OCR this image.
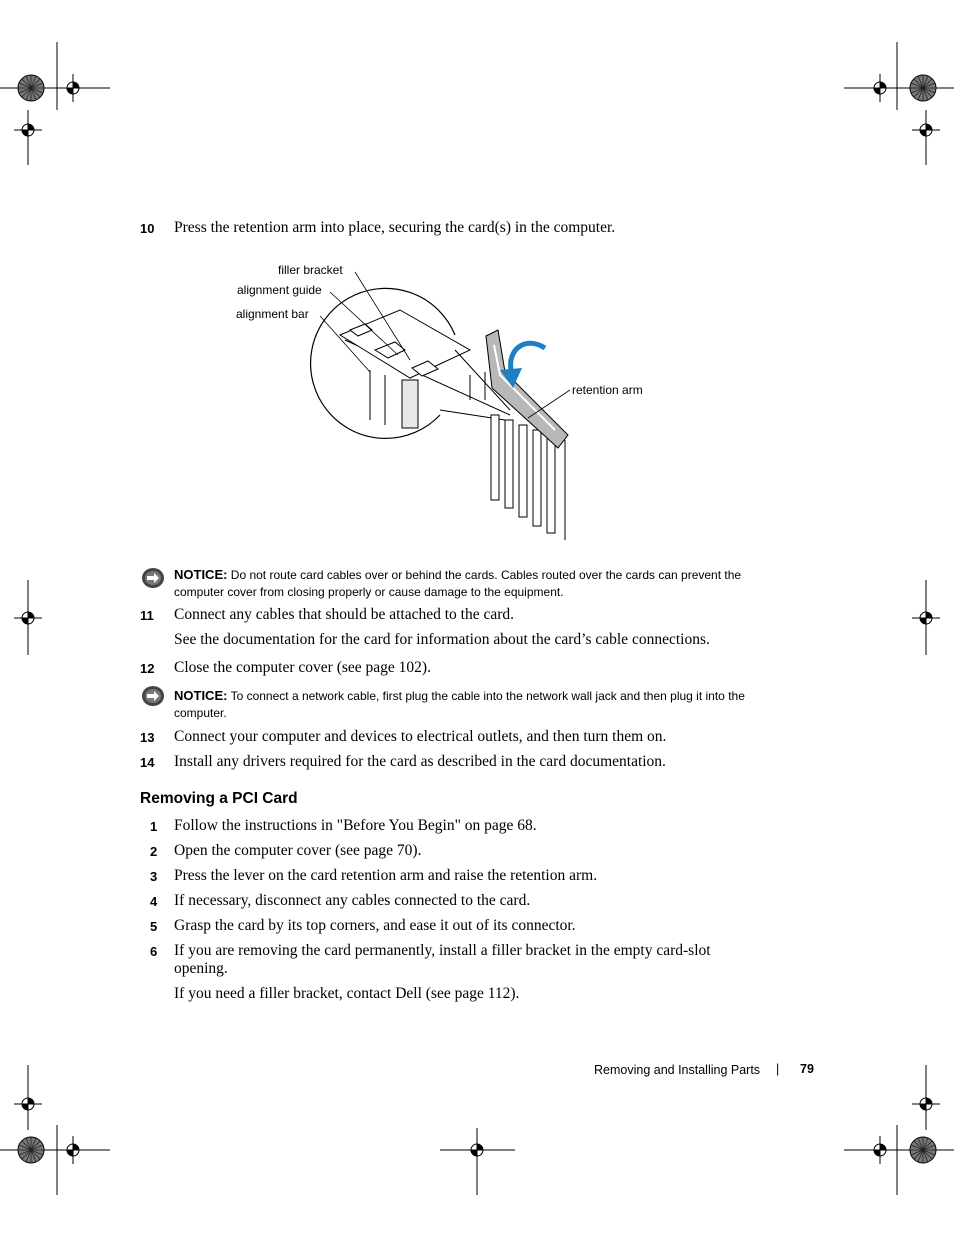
10	Press the retention arm into place, securing the card(s) in the computer.
filler bracket
alignment guide
alignment bar
retention arm
NOTICE: Do not route card cables over or behind the cards. Cables routed over the cards can prevent the computer cover from closing properly or cause damage to the equipment.
11	Connect any cables that should be attached to the card.
See the documentation for the card for information about the card’s cable connections.
12	Close the computer cover (see page 102).
NOTICE: To connect a network cable, first plug the cable into the network wall jack and then plug it into the computer.
13	Connect your computer and devices to electrical outlets, and then turn them on.
14	Install any drivers required for the card as described in the card documentation.
Removing a PCI Card
1	Follow the instructions in "Before You Begin" on page 68.
2	Open the computer cover (see page 70).
3	Press the lever on the card retention arm and raise the retention arm.
4	If necessary, disconnect any cables connected to the card.
5	Grasp the card by its top corners, and ease it out of its connector.
6	If you are removing the card permanently, install a filler bracket in the empty card-slot opening.
If you need a filler bracket, contact Dell (see page 112).
Removing and Installing Parts | 79
